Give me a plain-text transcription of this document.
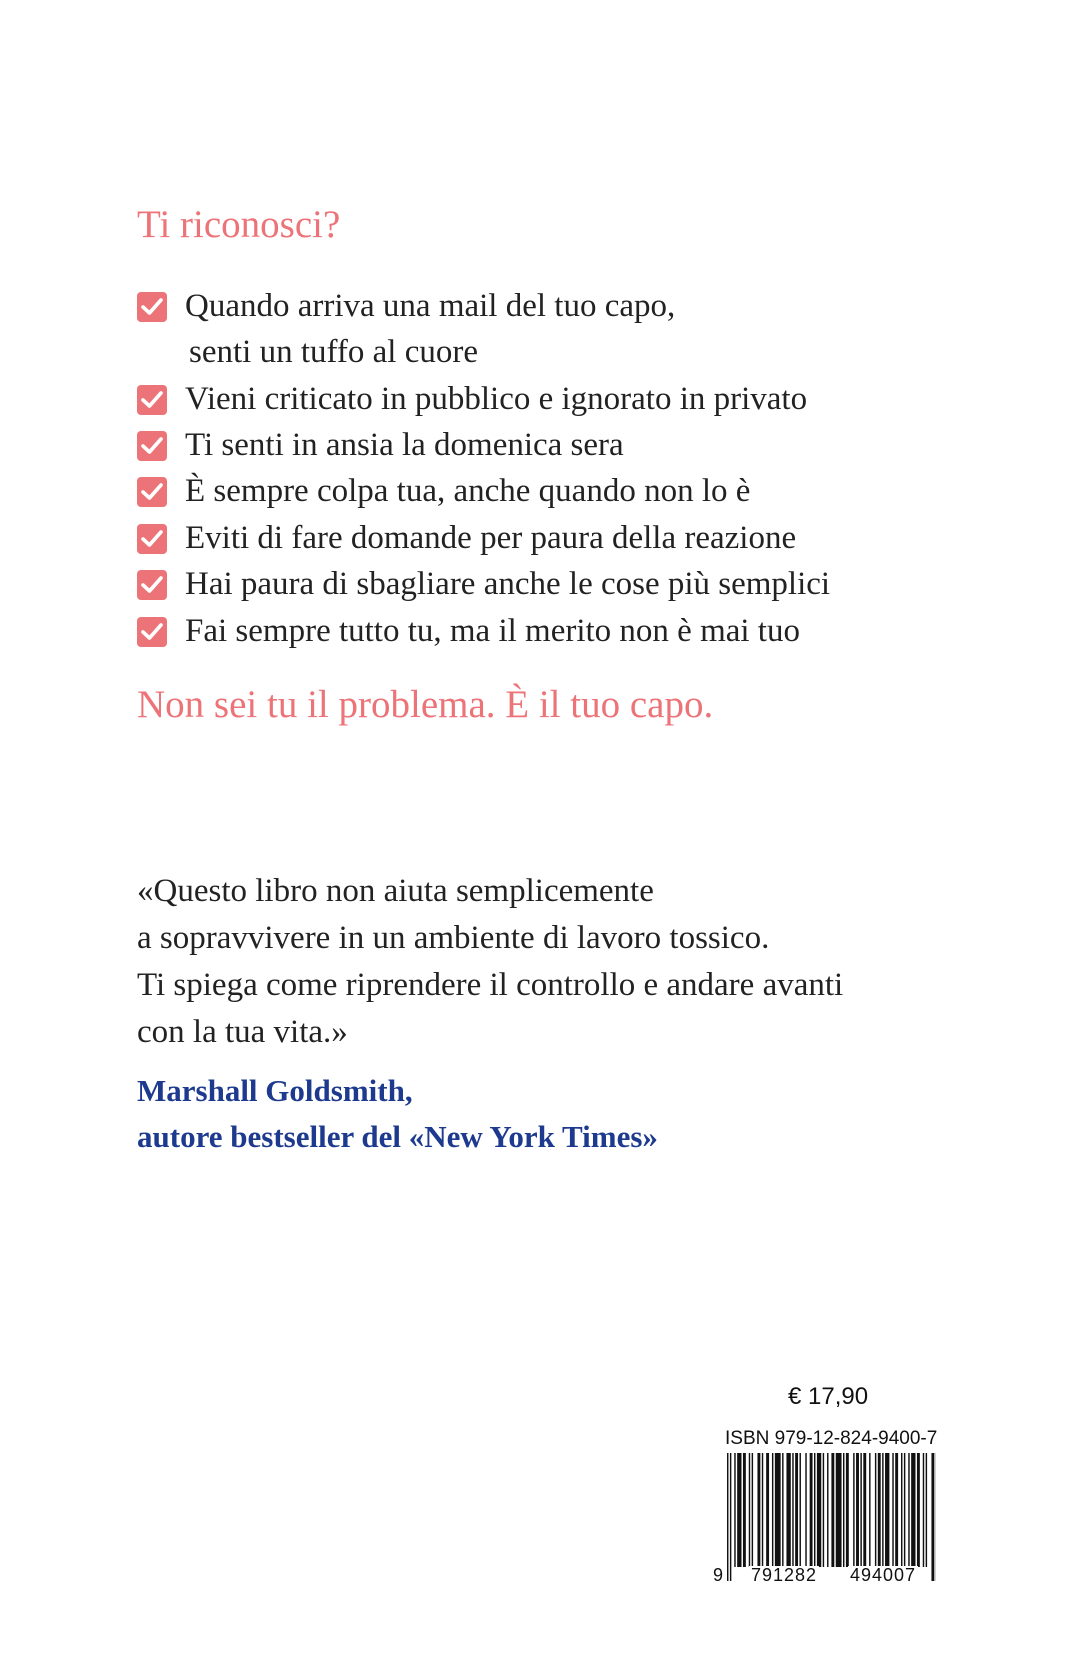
Ti riconosci?
Quando arriva una mail del tuo capo,
senti un tuffo al cuore
Vieni criticato in pubblico e ignorato in privato
Ti senti in ansia la domenica sera
È sempre colpa tua, anche quando non lo è
Eviti di fare domande per paura della reazione
Hai paura di sbagliare anche le cose più semplici
Fai sempre tutto tu, ma il merito non è mai tuo
Non sei tu il problema. È il tuo capo.
«Questo libro non aiuta semplicemente
a sopravvivere in un ambiente di lavoro tossico.
Ti spiega come riprendere il controllo e andare avanti
con la tua vita.»
Marshall Goldsmith,
autore bestseller del «New York Times»
€ 17,90
ISBN 979-12-824-9400-7
9 791282 494007
